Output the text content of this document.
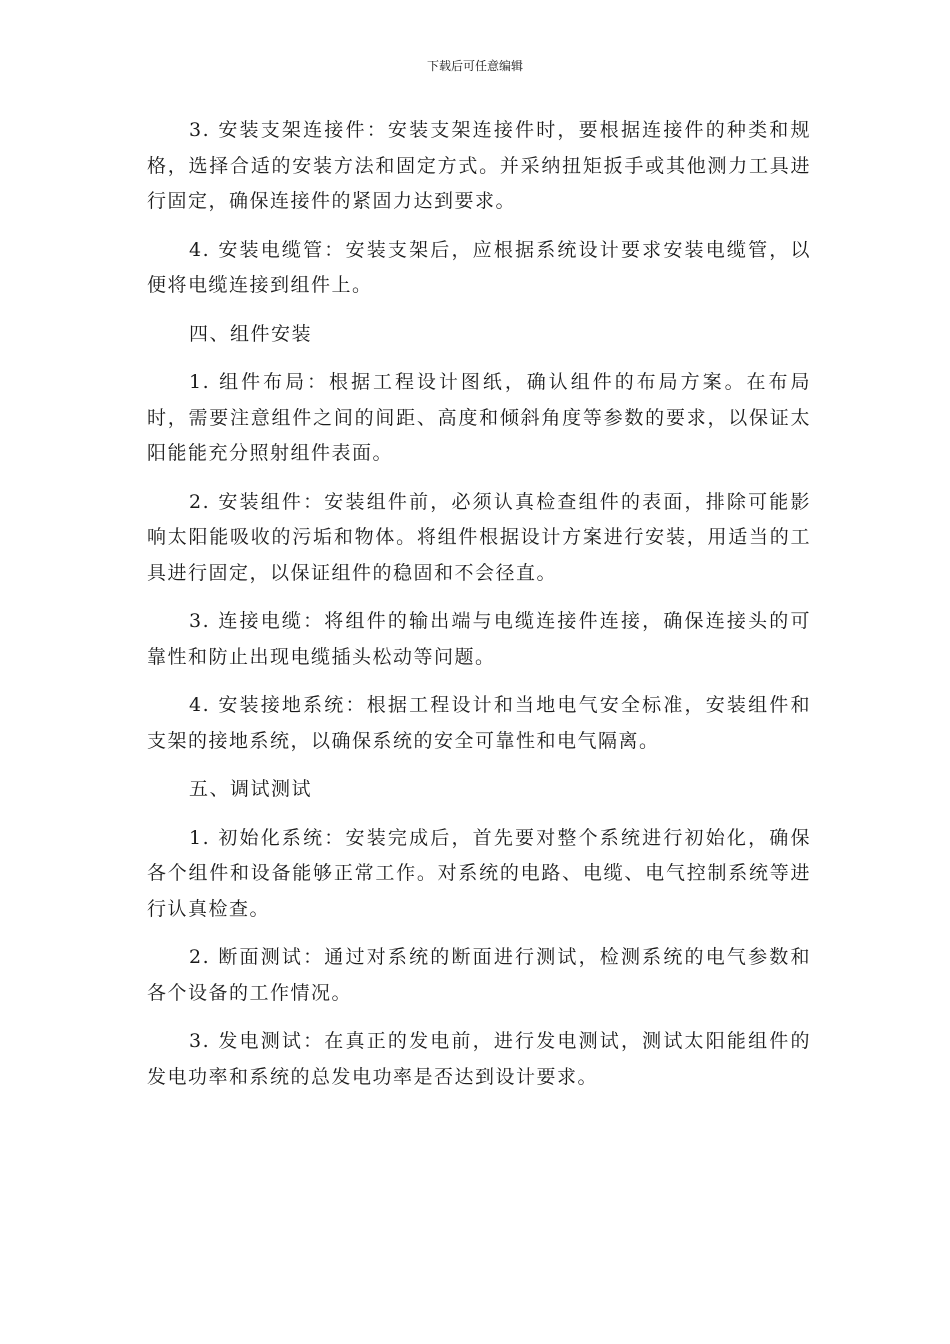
下载后可任意编辑

3. 安装支架连接件：安装支架连接件时，要根据连接件的种类和规格，选择合适的安装方法和固定方式。并采纳扭矩扳手或其他测力工具进行固定，确保连接件的紧固力达到要求。

4. 安装电缆管：安装支架后，应根据系统设计要求安装电缆管，以便将电缆连接到组件上。

四、组件安装

1. 组件布局：根据工程设计图纸，确认组件的布局方案。在布局时，需要注意组件之间的间距、高度和倾斜角度等参数的要求，以保证太阳能能充分照射组件表面。

2. 安装组件：安装组件前，必须认真检查组件的表面，排除可能影响太阳能吸收的污垢和物体。将组件根据设计方案进行安装，用适当的工具进行固定，以保证组件的稳固和不会径直。

3. 连接电缆：将组件的输出端与电缆连接件连接，确保连接头的可靠性和防止出现电缆插头松动等问题。

4. 安装接地系统：根据工程设计和当地电气安全标准，安装组件和支架的接地系统，以确保系统的安全可靠性和电气隔离。

五、调试测试

1. 初始化系统：安装完成后，首先要对整个系统进行初始化，确保各个组件和设备能够正常工作。对系统的电路、电缆、电气控制系统等进行认真检查。

2. 断面测试：通过对系统的断面进行测试，检测系统的电气参数和各个设备的工作情况。

3. 发电测试：在真正的发电前，进行发电测试，测试太阳能组件的发电功率和系统的总发电功率是否达到设计要求。
